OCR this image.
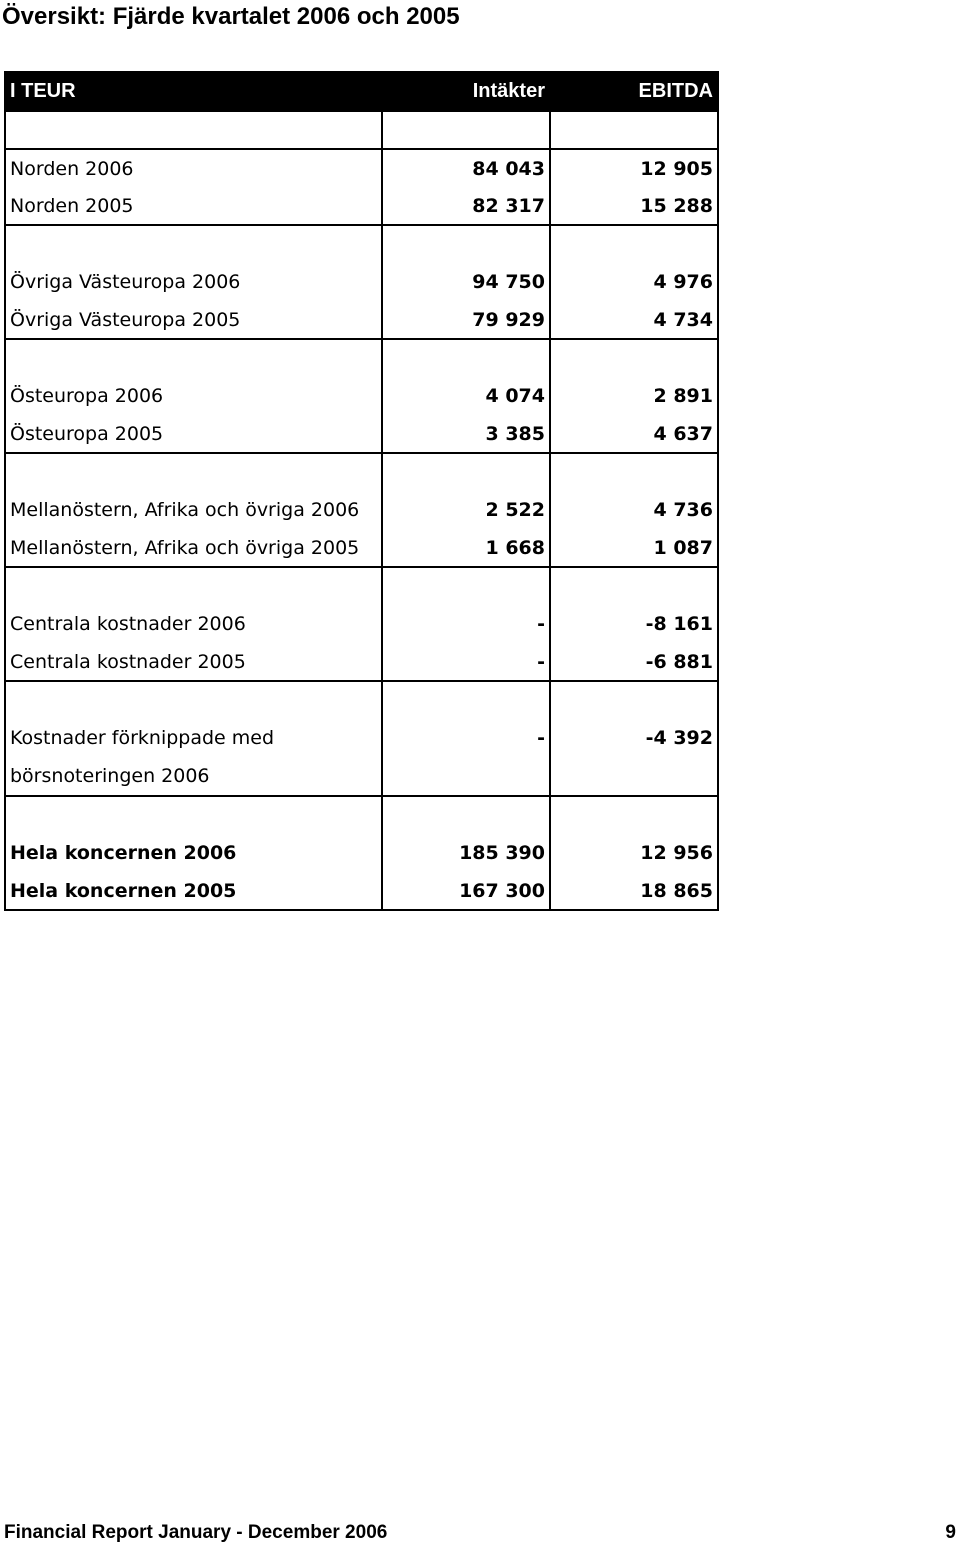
Översikt: Fjärde kvartalet 2006 och 2005
I TEUR	Intäkter	EBITDA

Norden 2006	84 043	12 905
Norden 2005	82 317	15 288

Övriga Västeuropa 2006	94 750	4 976
Övriga Västeuropa 2005	79 929	4 734

Östeuropa 2006	4 074	2 891
Östeuropa 2005	3 385	4 637

Mellanöstern, Afrika och övriga 2006	2 522	4 736
Mellanöstern, Afrika och övriga 2005	1 668	1 087

Centrala kostnader 2006	-	-8 161
Centrala kostnader 2005	-	-6 881

Kostnader förknippade med börsnoteringen 2006	-	-4 392

Hela koncernen 2006	185 390	12 956
Hela koncernen 2005	167 300	18 865
Financial Report January - December 2006	9
